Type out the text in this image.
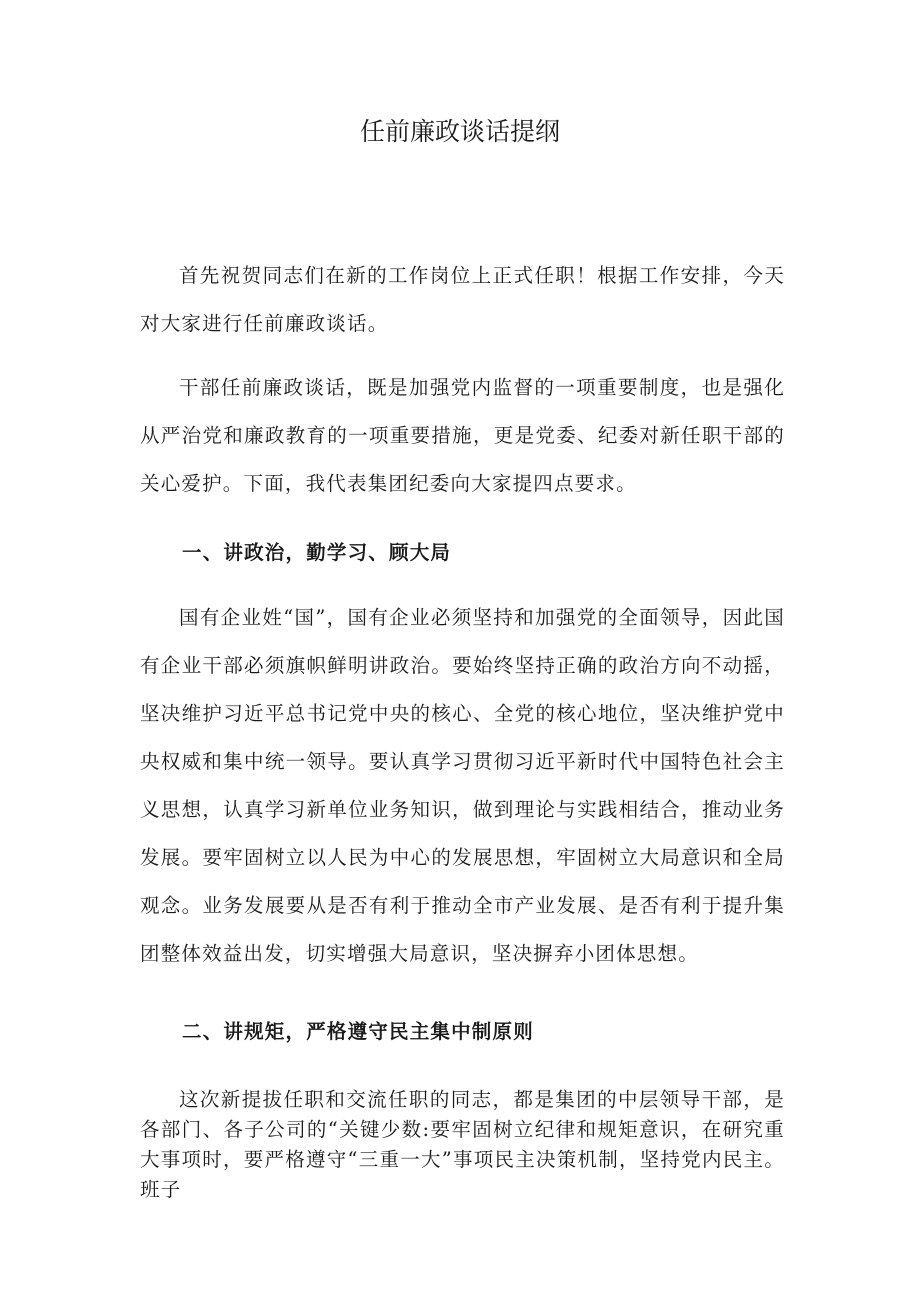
任前廉政谈话提纲

首先祝贺同志们在新的工作岗位上正式任职！根据工作安排，今天对大家进行任前廉政谈话。

干部任前廉政谈话，既是加强党内监督的一项重要制度，也是强化从严治党和廉政教育的一项重要措施，更是党委、纪委对新任职干部的关心爱护。下面，我代表集团纪委向大家提四点要求。

一、讲政治，勤学习、顾大局

国有企业姓“国”，国有企业必须坚持和加强党的全面领导，因此国有企业干部必须旗帜鲜明讲政治。要始终坚持正确的政治方向不动摇，坚决维护习近平总书记党中央的核心、全党的核心地位，坚决维护党中央权威和集中统一领导。要认真学习贯彻习近平新时代中国特色社会主义思想，认真学习新单位业务知识，做到理论与实践相结合，推动业务发展。要牢固树立以人民为中心的发展思想，牢固树立大局意识和全局观念。业务发展要从是否有利于推动全市产业发展、是否有利于提升集团整体效益出发，切实增强大局意识，坚决摒弃小团体思想。

二、讲规矩，严格遵守民主集中制原则

这次新提拔任职和交流任职的同志，都是集团的中层领导干部，是各部门、各子公司的“关键少数:要牢固树立纪律和规矩意识，在研究重大事项时，要严格遵守“三重一大”事项民主决策机制，坚持党内民主。班子
